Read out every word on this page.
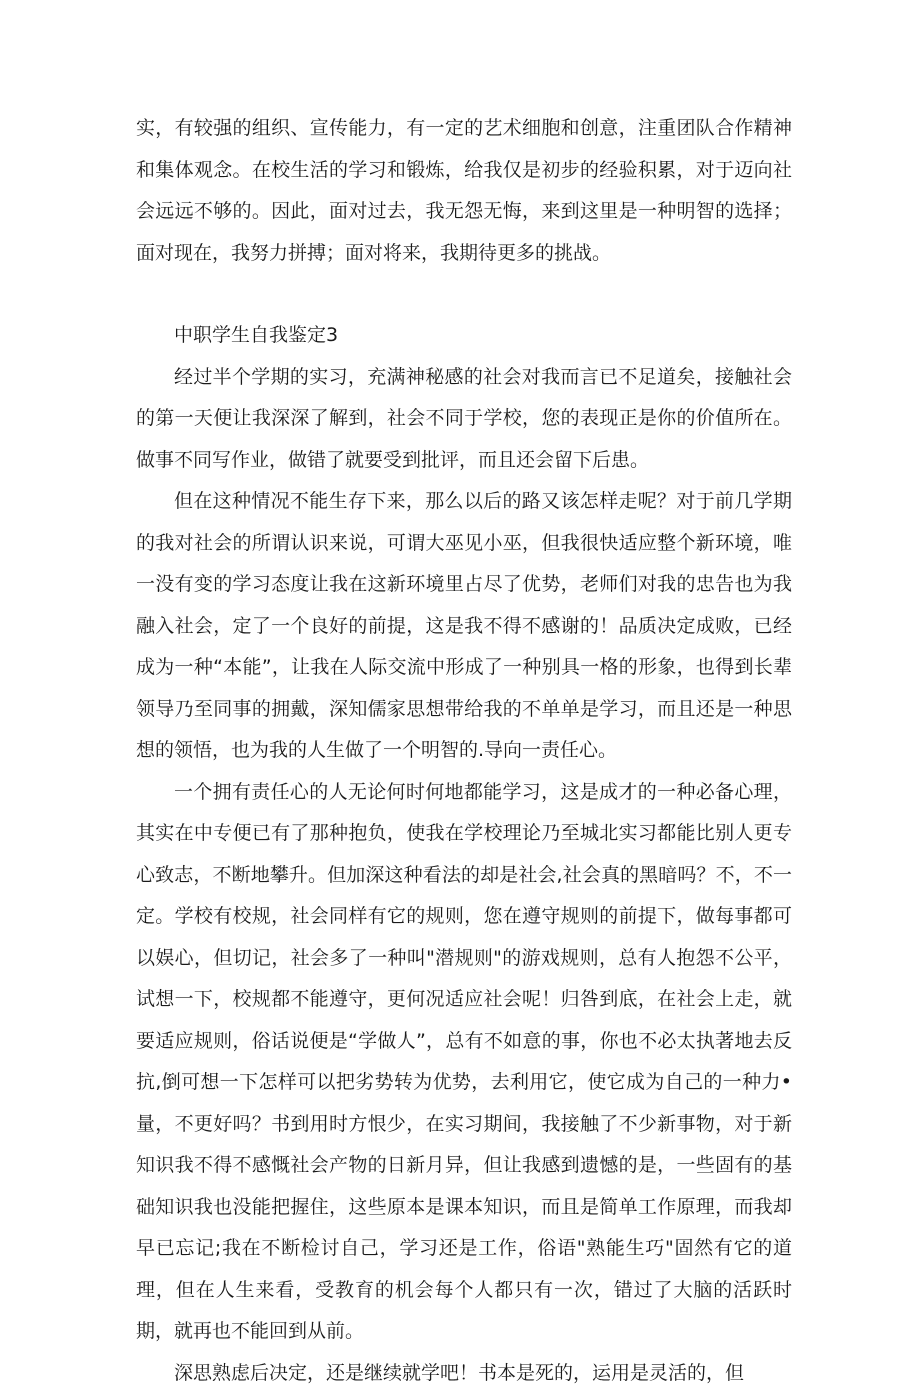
实，有较强的组织、宣传能力，有一定的艺术细胞和创意，注重团队合作精神和集体观念。在校生活的学习和锻炼，给我仅是初步的经验积累，对于迈向社会远远不够的。因此，面对过去，我无怨无悔，来到这里是一种明智的选择；面对现在，我努力拼搏；面对将来，我期待更多的挑战。

中职学生自我鉴定3

经过半个学期的实习，充满神秘感的社会对我而言已不足道矣，接触社会的第一天便让我深深了解到，社会不同于学校，您的表现正是你的价值所在。做事不同写作业，做错了就要受到批评，而且还会留下后患。

但在这种情况不能生存下来，那么以后的路又该怎样走呢？对于前几学期的我对社会的所谓认识来说，可谓大巫见小巫，但我很快适应整个新环境，唯一没有变的学习态度让我在这新环境里占尽了优势，老师们对我的忠告也为我融入社会，定了一个良好的前提，这是我不得不感谢的！品质决定成败，已经成为一种“本能”，让我在人际交流中形成了一种别具一格的形象，也得到长辈领导乃至同事的拥戴，深知儒家思想带给我的不单单是学习，而且还是一种思想的领悟，也为我的人生做了一个明智的.导向一责任心。

一个拥有责任心的人无论何时何地都能学习，这是成才的一种必备心理，其实在中专便已有了那种抱负，使我在学校理论乃至城北实习都能比别人更专心致志，不断地攀升。但加深这种看法的却是社会,社会真的黑暗吗？不，不一定。学校有校规，社会同样有它的规则，您在遵守规则的前提下，做每事都可以娱心，但切记，社会多了一种叫"潜规则"的游戏规则，总有人抱怨不公平，试想一下，校规都不能遵守，更何况适应社会呢！归咎到底，在社会上走，就要适应规则，俗话说便是“学做人”，总有不如意的事，你也不必太执著地去反抗,倒可想一下怎样可以把劣势转为优势，去利用它，使它成为自己的一种力•量，不更好吗？书到用时方恨少，在实习期间，我接触了不少新事物，对于新知识我不得不感慨社会产物的日新月异，但让我感到遗憾的是，一些固有的基础知识我也没能把握住，这些原本是课本知识，而且是简单工作原理，而我却早已忘记;我在不断检讨自己，学习还是工作，俗语"熟能生巧"固然有它的道理，但在人生来看，受教育的机会每个人都只有一次，错过了大脑的活跃时期，就再也不能回到从前。

深思熟虑后决定，还是继续就学吧！书本是死的，运用是灵活的，但
